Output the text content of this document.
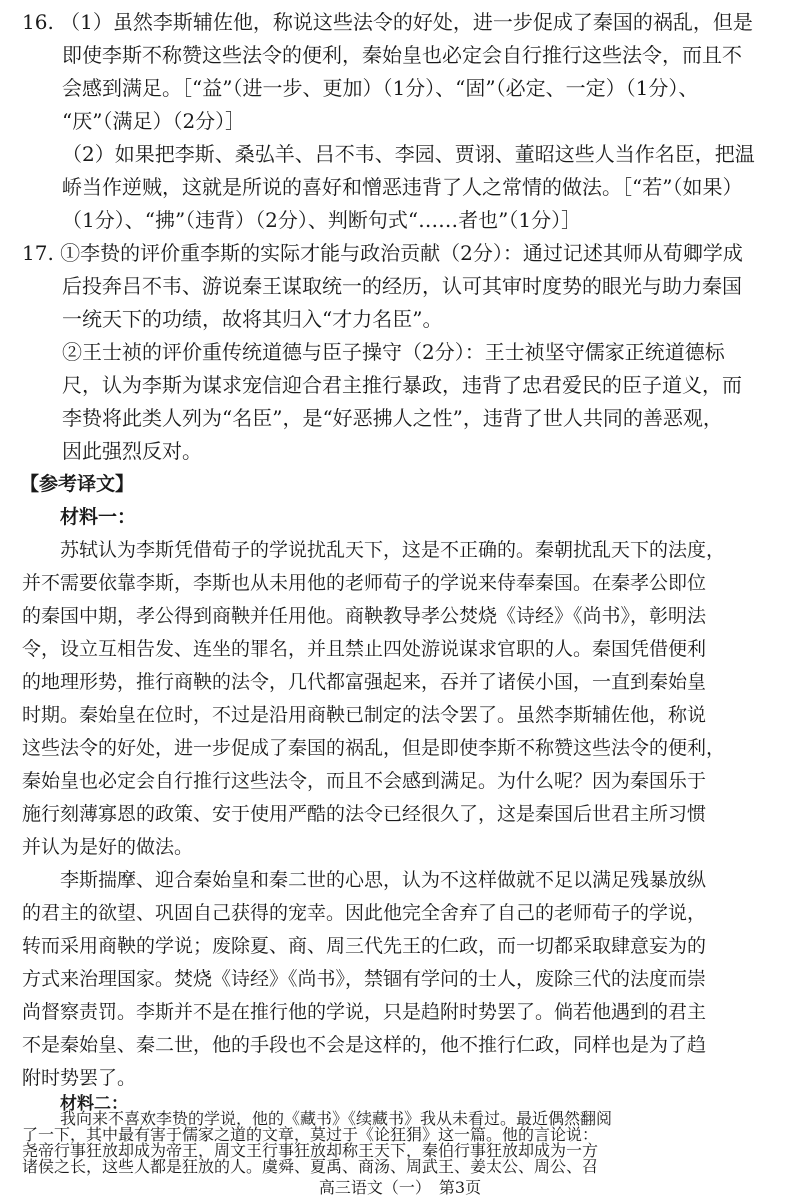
16. （1）虽然李斯辅佐他，称说这些法令的好处，进一步促成了秦国的祸乱，但是
即使李斯不称赞这些法令的便利，秦始皇也必定会自行推行这些法令，而且不
会感到满足。［“益”（进一步、更加）（1分）、“固”（必定、一定）（1分）、
“厌”（满足）（2分）］
（2）如果把李斯、桑弘羊、吕不韦、李园、贾诩、董昭这些人当作名臣，把温
峤当作逆贼，这就是所说的喜好和憎恶违背了人之常情的做法。［“若”（如果）
（1分）、“拂”（违背）（2分）、判断句式“……者也”（1分）］
17. ①李贽的评价重李斯的实际才能与政治贡献（2分）：通过记述其师从荀卿学成
后投奔吕不韦、游说秦王谋取统一的经历，认可其审时度势的眼光与助力秦国
一统天下的功绩，故将其归入“才力名臣”。
②王士祯的评价重传统道德与臣子操守（2分）：王士祯坚守儒家正统道德标
尺，认为李斯为谋求宠信迎合君主推行暴政，违背了忠君爱民的臣子道义，而
李贽将此类人列为“名臣”，是“好恶拂人之性”，违背了世人共同的善恶观，
因此强烈反对。
【参考译文】
材料一：
苏轼认为李斯凭借荀子的学说扰乱天下，这是不正确的。秦朝扰乱天下的法度，
并不需要依靠李斯，李斯也从未用他的老师荀子的学说来侍奉秦国。在秦孝公即位
的秦国中期，孝公得到商鞅并任用他。商鞅教导孝公焚烧《诗经》《尚书》，彰明法
令，设立互相告发、连坐的罪名，并且禁止四处游说谋求官职的人。秦国凭借便利
的地理形势，推行商鞅的法令，几代都富强起来，吞并了诸侯小国，一直到秦始皇
时期。秦始皇在位时，不过是沿用商鞅已制定的法令罢了。虽然李斯辅佐他，称说
这些法令的好处，进一步促成了秦国的祸乱，但是即使李斯不称赞这些法令的便利，
秦始皇也必定会自行推行这些法令，而且不会感到满足。为什么呢？因为秦国乐于
施行刻薄寡恩的政策、安于使用严酷的法令已经很久了，这是秦国后世君主所习惯
并认为是好的做法。
李斯揣摩、迎合秦始皇和秦二世的心思，认为不这样做就不足以满足残暴放纵
的君主的欲望、巩固自己获得的宠幸。因此他完全舍弃了自己的老师荀子的学说，
转而采用商鞅的学说；废除夏、商、周三代先王的仁政，而一切都采取肆意妄为的
方式来治理国家。焚烧《诗经》《尚书》，禁锢有学问的士人，废除三代的法度而崇
尚督察责罚。李斯并不是在推行他的学说，只是趋附时势罢了。倘若他遇到的君主
不是秦始皇、秦二世，他的手段也不会是这样的，他不推行仁政，同样也是为了趋
附时势罢了。
材料二：
我向来不喜欢李贽的学说，他的《藏书》《续藏书》我从未看过。最近偶然翻阅
了一下，其中最有害于儒家之道的文章，莫过于《论狂狷》这一篇。他的言论说：
尧帝行事狂放却成为帝王，周文王行事狂放却称王天下，秦伯行事狂放却成为一方
诸侯之长，这些人都是狂放的人。虞舜、夏禹、商汤、周武王、姜太公、周公、召
高三语文（一）　第3页
